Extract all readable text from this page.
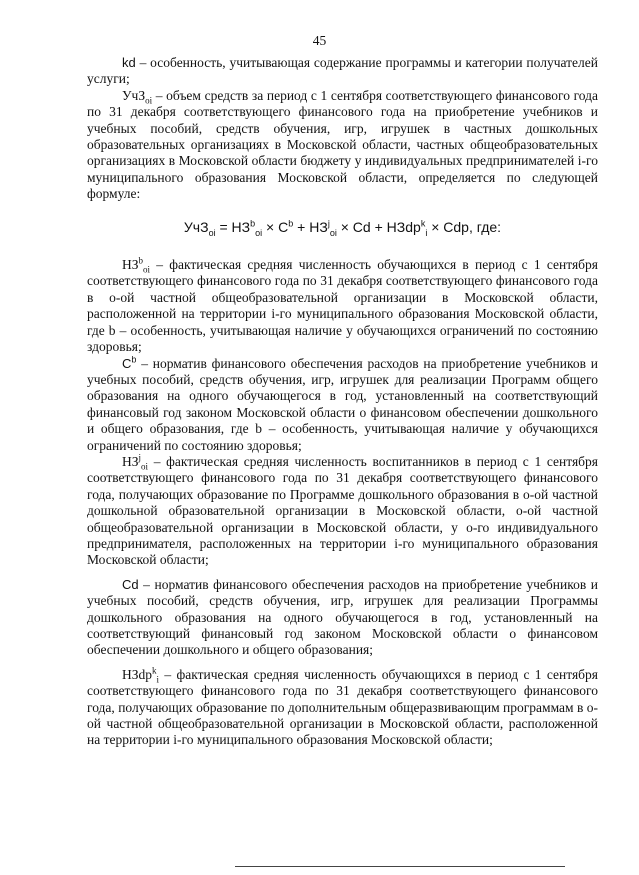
45

kd – особенность, учитывающая содержание программы и категории получателей услуги;

УчЗ$_{oi}$ – объем средств за период с 1 сентября соответствующего финансового года по 31 декабря соответствующего финансового года на приобретение учебников и учебных пособий, средств обучения, игр, игрушек в частных дошкольных образовательных организациях в Московской области, частных общеобразовательных организациях в Московской области бюджету у индивидуальных предпринимателей i-го муниципального образования Московской области, определяется по следующей формуле:

$УчЗ_{oi} = НЗ^b_{oi} \times C^b + НЗ^j_{oi} \times Cd$ + НЗdp$^k_i$ × Cdp, где:

$НЗ^b_{oi}$ – фактическая средняя численность обучающихся в период с 1 сентября соответствующего финансового года по 31 декабря соответствующего финансового года в о-ой частной общеобразовательной организации в Московской области, расположенной на территории i-го муниципального образования Московской области, где b – особенность, учитывающая наличие у обучающихся ограничений по состоянию здоровья;

$C^b$ – норматив финансового обеспечения расходов на приобретение учебников и учебных пособий, средств обучения, игр, игрушек для реализации Программ общего образования на одного обучающегося в год, установленный на соответствующий финансовый год законом Московской области о финансовом обеспечении дошкольного и общего образования, где b – особенность, учитывающая наличие у обучающихся ограничений по состоянию здоровья;

$НЗ^j_{oi}$ – фактическая средняя численность воспитанников в период с 1 сентября соответствующего финансового года по 31 декабря соответствующего финансового года, получающих образование по Программе дошкольного образования в о-ой частной дошкольной образовательной организации в Московской области, о-ой частной общеобразовательной организации в Московской области, у о-го индивидуального предпринимателя, расположенных на территории i-го муниципального образования Московской области;

Cd – норматив финансового обеспечения расходов на приобретение учебников и учебных пособий, средств обучения, игр, игрушек для реализации Программы дошкольного образования на одного обучающегося в год, установленный на соответствующий финансовый год законом Московской области о финансовом обеспечении дошкольного и общего образования;

НЗdp$^k_i$ – фактическая средняя численность обучающихся в период с 1 сентября соответствующего финансового года по 31 декабря соответствующего финансового года, получающих образование по дополнительным общеразвивающим программам в о-ой частной общеобразовательной организации в Московской области, расположенной на территории i-го муниципального образования Московской области;
